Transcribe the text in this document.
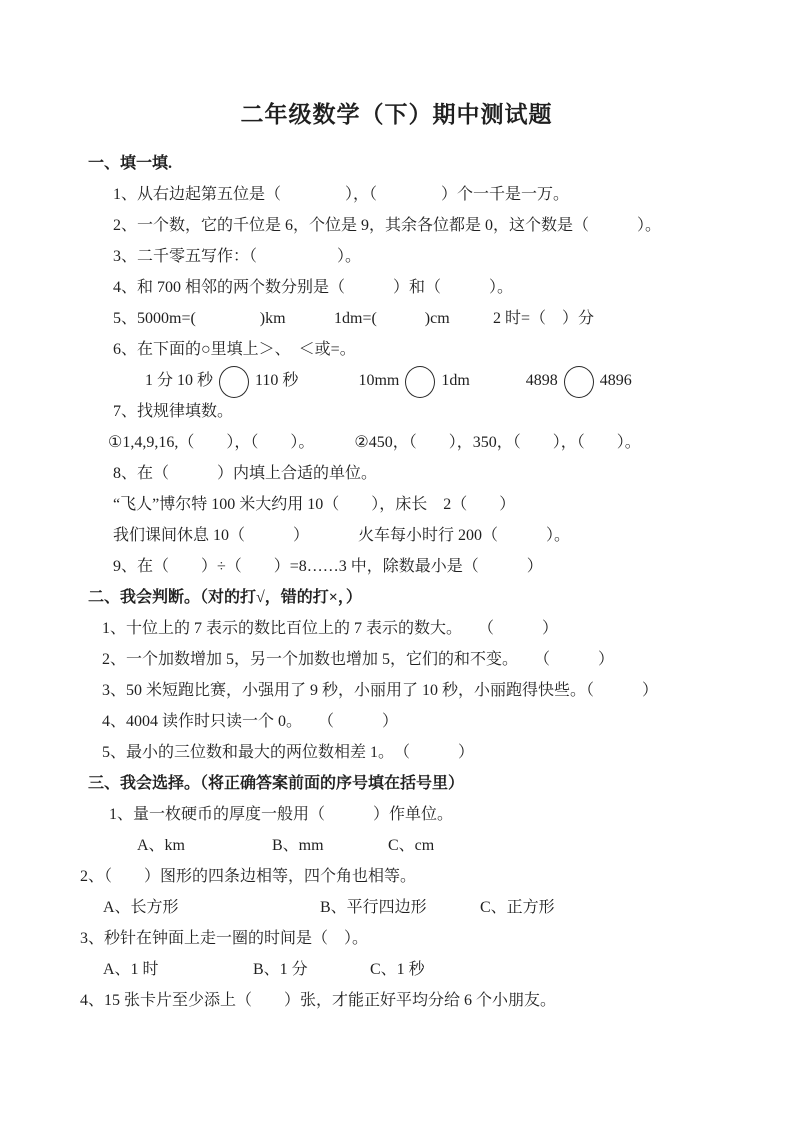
二年级数学（下）期中测试题
一、填一填.
1、从右边起第五位是（　　　　），（　　　　）个一千是一万。
2、一个数，它的千位是 6，个位是 9，其余各位都是 0，这个数是（　　　）。
3、二千零五写作：（　　　　　）。
4、和 700 相邻的两个数分别是（　　　）和（　　　）。
5、5000m=(　　　　)km	1dm=(　　　)cm	2 时=（　）分
6、在下面的○里填上＞、　＜或=。
1 分 10 秒	110 秒	10mm	1dm	4898	4896
7、找规律填数。
①1,4,9,16,（　　），（　　）。　　　②450，（　　），350，（　　），（　　）。
8、在（　　　）内填上合适的单位。
“飞人”博尔特 100 米大约用 10（　　），床长　2（　　）
我们课间休息 10（　　　）	火车每小时行 200（　　　）。
9、在（　　）÷（　　）=8……3 中，除数最小是（　　　）
二、我会判断。（对的打√，错的打×，）
1、十位上的 7 表示的数比百位上的 7 表示的数大。　　（　　　）
2、一个加数增加 5，另一个加数也增加 5，它们的和不变。　　（　　　）
3、50 米短跑比赛，小强用了 9 秒，小丽用了 10 秒，小丽跑得快些。（　　　）
4、4004 读作时只读一个 0。　　（　　　）
5、最小的三位数和最大的两位数相差 1。　（　　　）
三、我会选择。（将正确答案前面的序号填在括号里）
1、量一枚硬币的厚度一般用（　　　）作单位。
A、km	B、mm	C、cm
2、（　　）图形的四条边相等，四个角也相等。
A、长方形	B、平行四边形	C、正方形
3、秒针在钟面上走一圈的时间是（　）。
A、1 时	B、1 分	C、1 秒
4、15 张卡片至少添上（　　）张，才能正好平均分给 6 个小朋友。
